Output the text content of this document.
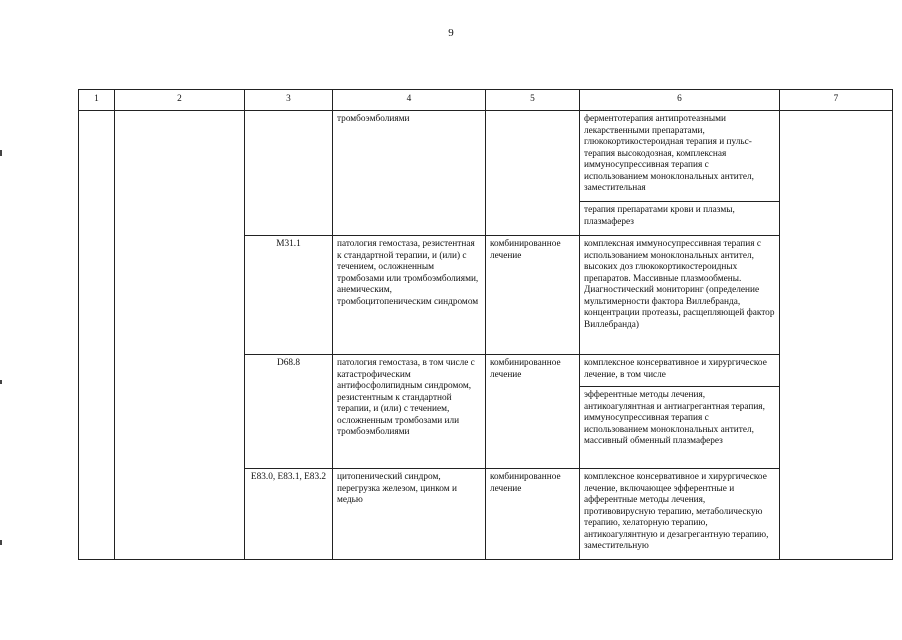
9
1	2	3	4	5	6	7
			тромбоэмболиями		ферментотерапия антипротеазными лекарственными препаратами, глюкокортикостероидная терапия и пульс-терапия высокодозная, комплексная иммуносупрессивная терапия с использованием моноклональных антител, заместительная	
					терапия препаратами крови и плазмы, плазмаферез	
		М31.1	патология гемостаза, резистентная к стандартной терапии, и (или) с течением, осложненным тромбозами или тромбоэмболиями, анемическим, тромбоцитопеническим синдромом	комбинированное лечение	комплексная иммуносупрессивная терапия с использованием моноклональных антител, высоких доз глюкокортикостероидных препаратов. Массивные плазмообмены. Диагностический мониторинг (определение мультимерности фактора Виллебранда, концентрации протеазы, расщепляющей фактор Виллебранда)	
		D68.8	патология гемостаза, в том числе с катастрофическим антифосфолипидным синдромом, резистентным к стандартной терапии, и (или) с течением, осложненным тромбозами или тромбоэмболиями	комбинированное лечение	комплексное консервативное и хирургическое лечение, в том числе	
					эфферентные методы лечения, антикоагулянтная и антиагрегантная терапия, иммуносупрессивная терапия с использованием моноклональных антител, массивный обменный плазмаферез	
		Е83.0, Е83.1, Е83.2	цитопенический синдром, перегрузка железом, цинком и медью	комбинированное лечение	комплексное консервативное и хирургическое лечение, включающее эфферентные и афферентные методы лечения, противовирусную терапию, метаболическую терапию, хелаторную терапию, антикоагулянтную и дезагрегантную терапию, заместительную	
